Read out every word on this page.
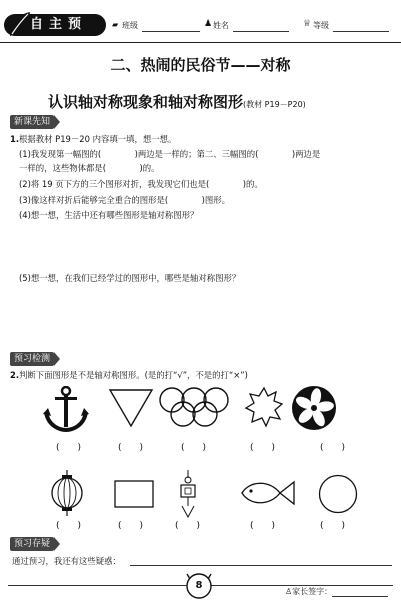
自主预习
▰ 班级	♟ 姓名	♕ 等级
二、热闹的民俗节——对称
认识轴对称现象和轴对称图形(教材 P19－P20)
新课先知
1.根据教材 P19－20 内容填一填，想一想。
(1)我发现第一幅图的(　　　　)两边是一样的；第二、三幅图的(　　　　)两边是
一样的，这些物体都是(　　　　)的。
(2)将 19 页下方的三个图形对折，我发现它们也是(　　　　)的。
(3)像这样对折后能够完全重合的图形是(　　　　)图形。
(4)想一想，生活中还有哪些图形是轴对称图形？
(5)想一想，在我们已经学过的图形中，哪些是轴对称图形？
预习检测
2.判断下面图形是不是轴对称图形。(是的打“√”，不是的打“×”)
(　　)	(　　)	(　　)	(　　)	(　　)
(　　)	(　　)	(　　)	(　　)	(　　)
预习存疑
通过预习，我还有这些疑惑：
8
♙家长签字：
